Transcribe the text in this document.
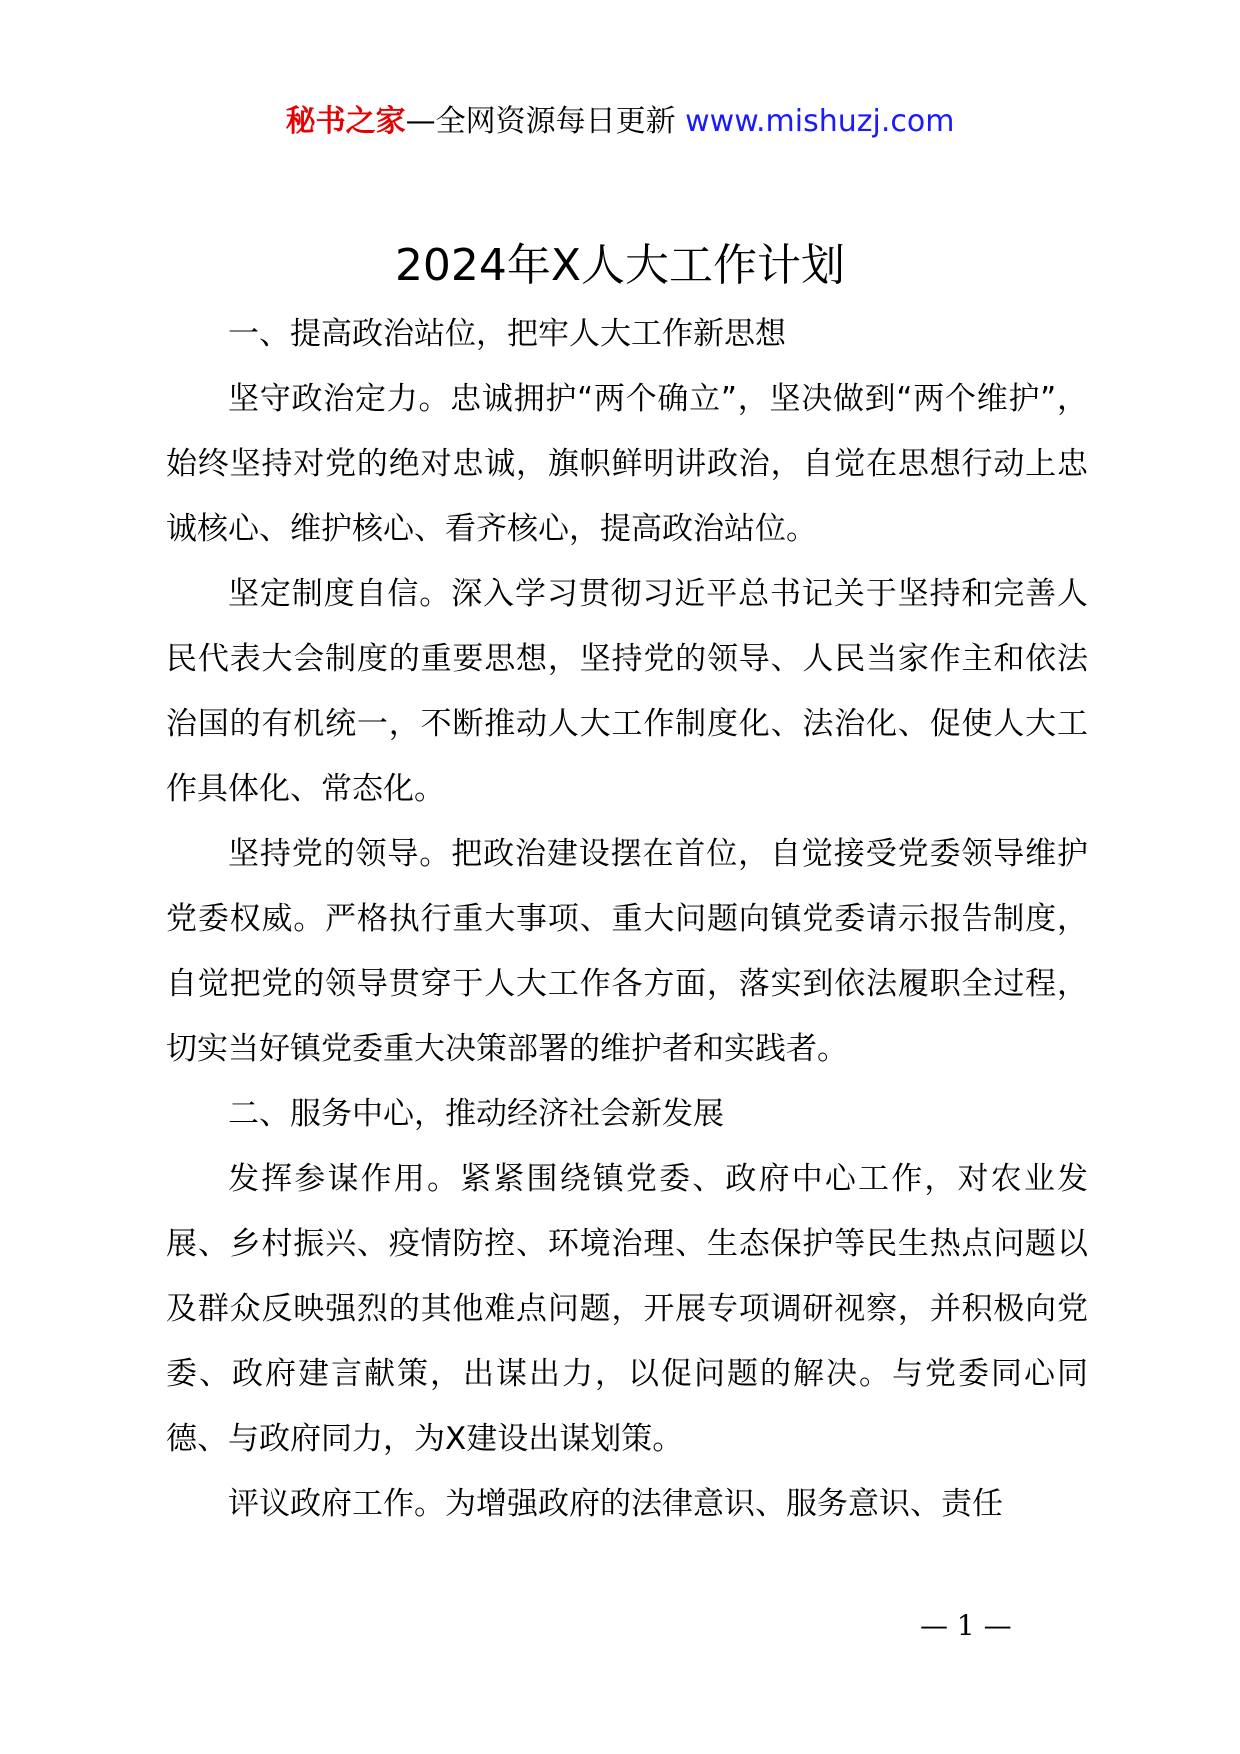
秘书之家—全网资源每日更新 www.mishuzj.com
2024年X人大工作计划
一、提高政治站位，把牢人大工作新思想

坚守政治定力。忠诚拥护“两个确立”，坚决做到“两个维护”，始终坚持对党的绝对忠诚，旗帜鲜明讲政治，自觉在思想行动上忠诚核心、维护核心、看齐核心，提高政治站位。

坚定制度自信。深入学习贯彻习近平总书记关于坚持和完善人民代表大会制度的重要思想，坚持党的领导、人民当家作主和依法治国的有机统一，不断推动人大工作制度化、法治化、促使人大工作具体化、常态化。

坚持党的领导。把政治建设摆在首位，自觉接受党委领导维护党委权威。严格执行重大事项、重大问题向镇党委请示报告制度，自觉把党的领导贯穿于人大工作各方面，落实到依法履职全过程，切实当好镇党委重大决策部署的维护者和实践者。

二、服务中心，推动经济社会新发展

发挥参谋作用。紧紧围绕镇党委、政府中心工作，对农业发展、乡村振兴、疫情防控、环境治理、生态保护等民生热点问题以及群众反映强烈的其他难点问题，开展专项调研视察，并积极向党委、政府建言献策，出谋出力，以促问题的解决。与党委同心同德、与政府同力，为X建设出谋划策。

评议政府工作。为增强政府的法律意识、服务意识、责任

— 1 —
